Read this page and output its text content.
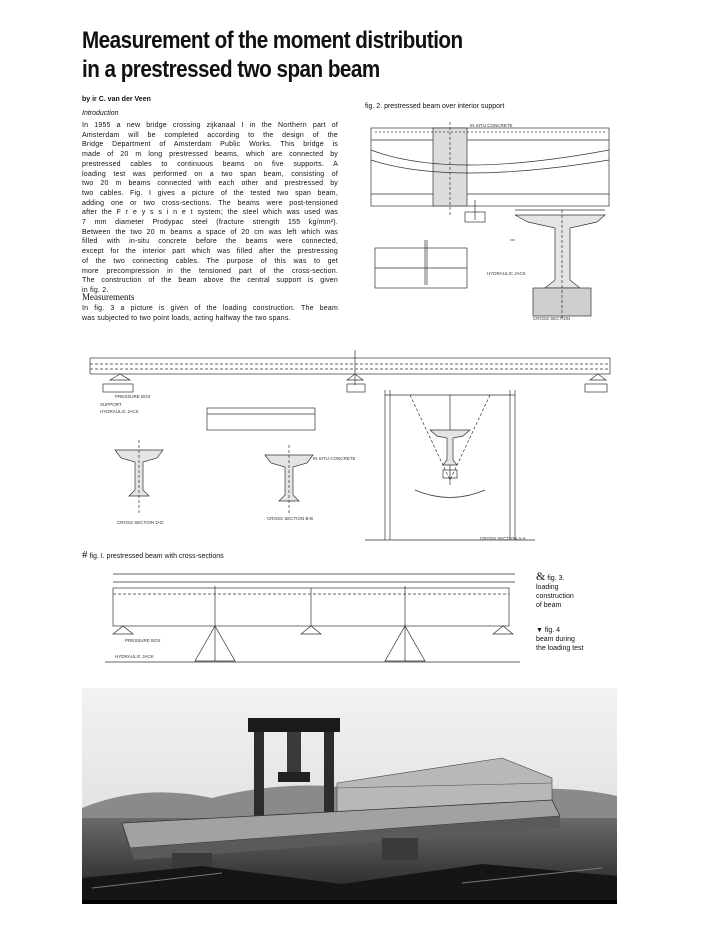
Measurement of the moment distribution
in a prestressed two span beam
by ir C. van der Veen
Introduction
In 1955 a new bridge crossing zijkanaal I in the Northern part of
Amsterdam will be completed according to the design of the
Bridge Department of Amsterdam Public Works. This bridge is
made of 20 m long prestressed beams, which are connected by
prestressed cables to continuous beams on five supports. A
loading test was performed on a two span beam, consisting of
two 20 m beams connected with each other and prestressed by
two cables. Fig. I gives a picture of the tested two span beam,
adding one or two cross-sections. The beams were post-tensioned
after the F r e y s s i n e t system; the steel which was used was
7 mm diameter Prodурac steel (fracture strength 155 kg/mm²).
Between the two 20 m beams a space of 20 cm was left which was
filled with in-situ concrete before the beams were connected,
except for the interior part which was filled after the prestressing
of the two connecting cables. The purpose of this was to get
more precompression in the tensioned part of the cross-section.
The construction of the beam above the central support is given
in fig. 2.
Measurements
In fig. 3 a picture is given of the loading construction. The beam
was subjected to two point loads, acting halfway the two spans.
fig. 2. prestressed beam over interior support
IN SITU CONCRETE
HYDRAULIC JACK
CROSS SECTION
PRESSURE BOX
SUPPORT
HYDRAULIC JACK
IN SITU CONCRETE
CROSS SECTION D-D
CROSS SECTION B-B
CROSS SECTION A-A
# fig. I. prestressed beam with cross-sections
PRESSURE BOX
HYDRAULIC JACK
& fig. 3.
loading
construction
of beam
▼ fig. 4
beam during
the loading test
